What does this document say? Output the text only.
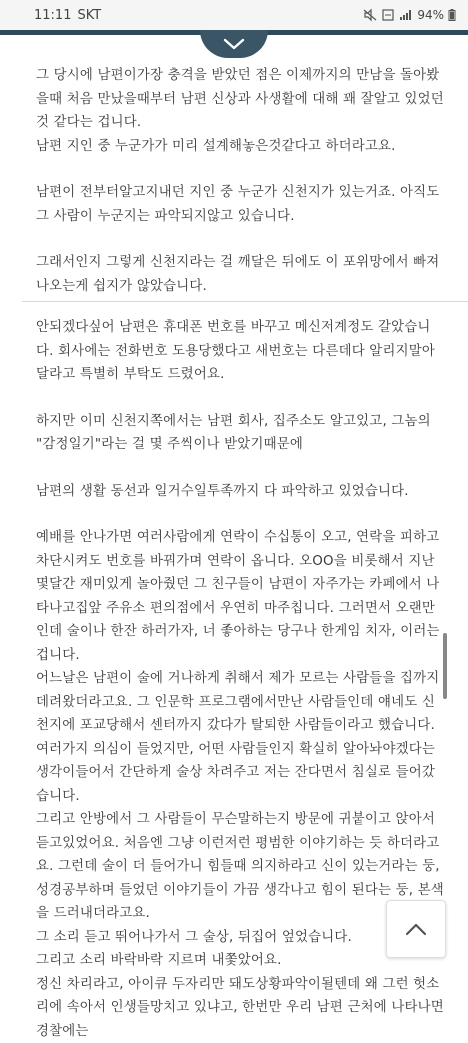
11:11 SKT	94%

그 당시에 남편이가장 충격을 받았던 점은 이제까지의 만남을 돌아봤을때 처음 만났을때부터 남편 신상과 사생활에 대해 꽤 잘알고 있었던 것 같다는 겁니다.

남편 지인 중 누군가가 미리 설계해놓은것같다고 하더라고요.

남편이 전부터알고지내던 지인 중 누군가 신천지가 있는거죠. 아직도 그 사람이 누군지는 파악되지않고 있습니다.

그래서인지 그렇게 신천지라는 걸 깨달은 뒤에도 이 포위망에서 빠져나오는게 쉽지가 않았습니다.

안되겠다싶어 남편은 휴대폰 번호를 바꾸고 메신저계정도 갈았습니다. 회사에는 전화번호 도용당했다고 새번호는 다른데다 알리지말아달라고 특별히 부탁도 드렸어요.

하지만 이미 신천지쪽에서는 남편 회사, 집주소도 알고있고, 그놈의 "감정일기"라는 걸 몇 주씩이나 받았기때문에

남편의 생활 동선과 일거수일투족까지 다 파악하고 있었습니다.

예배를 안나가면 여러사람에게 연락이 수십통이 오고, 연락을 피하고 차단시켜도 번호를 바꿔가며 연락이 옵니다. 오OO을 비롯해서 지난 몇달간 재미있게 놀아줬던 그 친구들이 남편이 자주가는 카페에서 나타나고집앞 주유소 편의점에서 우연히 마주칩니다. 그러면서 오랜만인데 술이나 한잔 하러가자, 너 좋아하는 당구나 한게임 치자, 이러는겁니다.

어느날은 남편이 술에 거나하게 취해서 제가 모르는 사람들을 집까지 데려왔더라고요. 그 인문학 프로그램에서만난 사람들인데 얘네도 신천지에 포교당해서 센터까지 갔다가 탈퇴한 사람들이라고 했습니다. 여러가지 의심이 들었지만, 어떤 사람들인지 확실히 알아놔야겠다는 생각이들어서 간단하게 술상 차려주고 저는 잔다면서 침실로 들어갔습니다.

그리고 안방에서 그 사람들이 무슨말하는지 방문에 귀붙이고 앉아서 듣고있었어요. 처음엔 그냥 이런저런 평범한 이야기하는 듯 하더라고요. 그런데 술이 더 들어가니 힘들때 의지하라고 신이 있는거라는 둥, 성경공부하며 들었던 이야기들이 가끔 생각나고 힘이 된다는 둥, 본색을 드러내더라고요.

그 소리 듣고 뛰어나가서 그 술상, 뒤집어 엎었습니다.

그리고 소리 바락바락 지르며 내쫓았어요.

정신 차리라고, 아이큐 두자리만 돼도상황파악이될텐데 왜 그런 헛소리에 속아서 인생들망치고 있냐고, 한번만 우리 남편 근처에 나타나면 경찰에는
